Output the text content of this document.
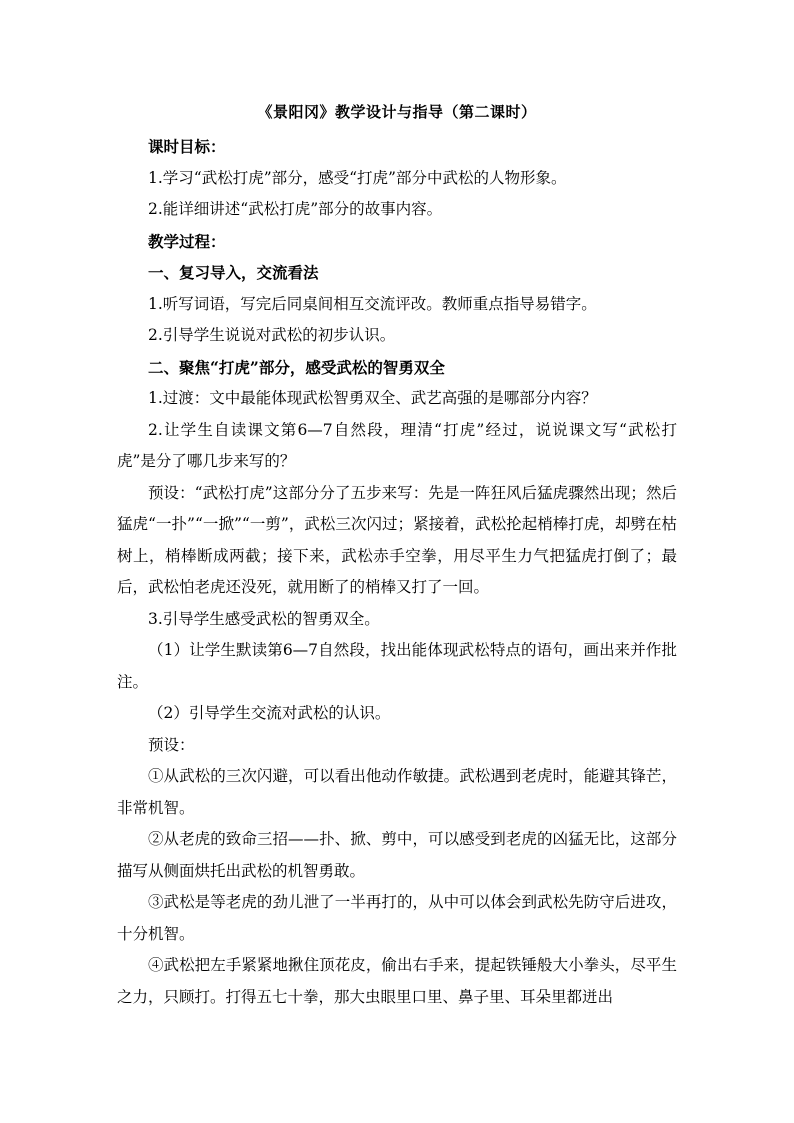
《景阳冈》教学设计与指导（第二课时）

课时目标：

1.学习“武松打虎”部分，感受“打虎”部分中武松的人物形象。

2.能详细讲述“武松打虎”部分的故事内容。

教学过程：

一、复习导入，交流看法

1.听写词语，写完后同桌间相互交流评改。教师重点指导易错字。

2.引导学生说说对武松的初步认识。

二、聚焦“打虎”部分，感受武松的智勇双全

1.过渡：文中最能体现武松智勇双全、武艺高强的是哪部分内容？

2.让学生自读课文第6—7自然段，理清“打虎”经过，说说课文写“武松打虎”是分了哪几步来写的？

预设：“武松打虎”这部分分了五步来写：先是一阵狂风后猛虎骤然出现；然后猛虎“一扑”“一掀”“一剪”，武松三次闪过；紧接着，武松抡起梢棒打虎，却劈在枯树上，梢棒断成两截；接下来，武松赤手空拳，用尽平生力气把猛虎打倒了；最后，武松怕老虎还没死，就用断了的梢棒又打了一回。

3.引导学生感受武松的智勇双全。

（1）让学生默读第6—7自然段，找出能体现武松特点的语句，画出来并作批注。

（2）引导学生交流对武松的认识。

预设：

①从武松的三次闪避，可以看出他动作敏捷。武松遇到老虎时，能避其锋芒，非常机智。

②从老虎的致命三招——扑、掀、剪中，可以感受到老虎的凶猛无比，这部分描写从侧面烘托出武松的机智勇敢。

③武松是等老虎的劲儿泄了一半再打的，从中可以体会到武松先防守后进攻，十分机智。

④武松把左手紧紧地揪住顶花皮，偷出右手来，提起铁锤般大小拳头，尽平生之力，只顾打。打得五七十拳，那大虫眼里口里、鼻子里、耳朵里都迸出
